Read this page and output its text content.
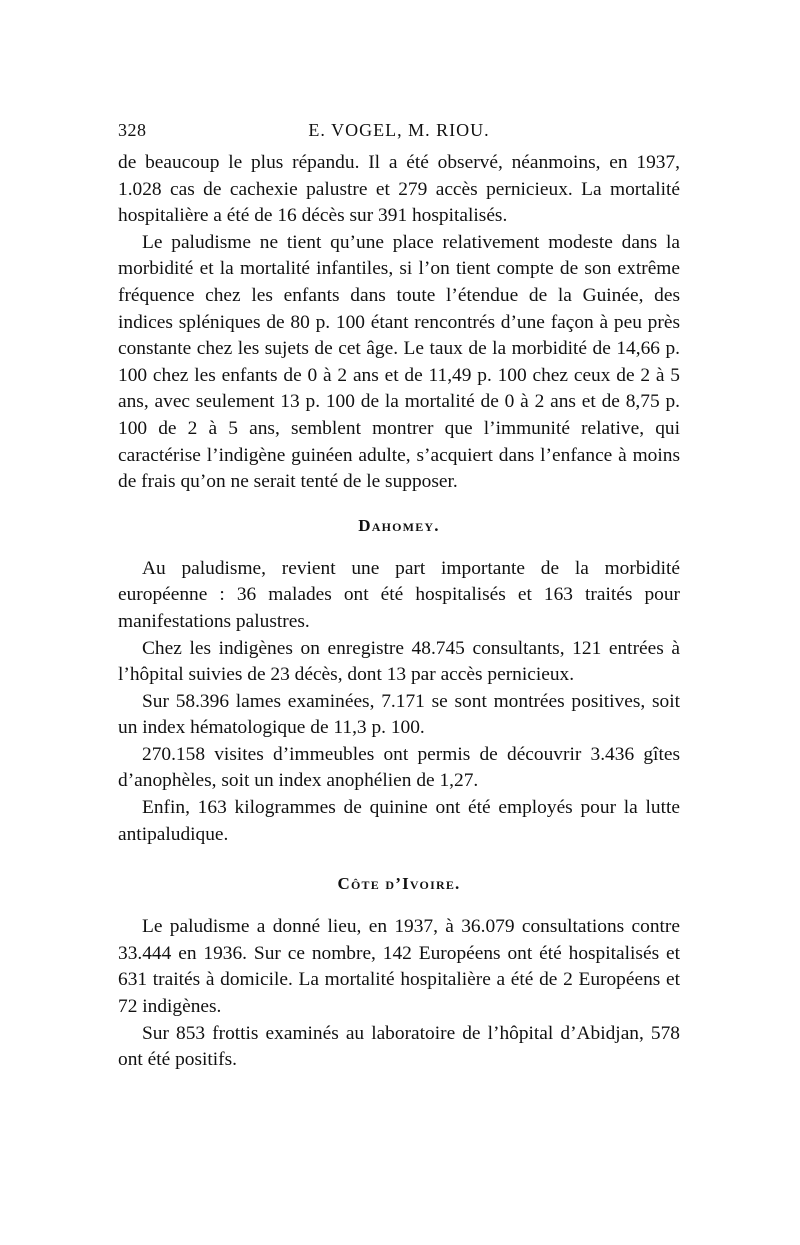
328	E. VOGEL, M. RIOU.

de beaucoup le plus répandu. Il a été observé, néanmoins, en 1937, 1.028 cas de cachexie palustre et 279 accès pernicieux. La mortalité hospitalière a été de 16 décès sur 391 hospitalisés.

Le paludisme ne tient qu’une place relativement modeste dans la morbidité et la mortalité infantiles, si l’on tient compte de son extrême fréquence chez les enfants dans toute l’étendue de la Guinée, des indices spléniques de 80 p. 100 étant rencontrés d’une façon à peu près constante chez les sujets de cet âge. Le taux de la morbidité de 14,66 p. 100 chez les enfants de 0 à 2 ans et de 11,49 p. 100 chez ceux de 2 à 5 ans, avec seulement 13 p. 100 de la mortalité de 0 à 2 ans et de 8,75 p. 100 de 2 à 5 ans, semblent montrer que l’immunité relative, qui caractérise l’indigène guinéen adulte, s’acquiert dans l’enfance à moins de frais qu’on ne serait tenté de le supposer.

Dahomey.

Au paludisme, revient une part importante de la morbidité européenne : 36 malades ont été hospitalisés et 163 traités pour manifestations palustres.

Chez les indigènes on enregistre 48.745 consultants, 121 entrées à l’hôpital suivies de 23 décès, dont 13 par accès pernicieux.

Sur 58.396 lames examinées, 7.171 se sont montrées positives, soit un index hématologique de 11,3 p. 100.

270.158 visites d’immeubles ont permis de découvrir 3.436 gîtes d’anophèles, soit un index anophélien de 1,27.

Enfin, 163 kilogrammes de quinine ont été employés pour la lutte antipaludique.

Côte d’Ivoire.

Le paludisme a donné lieu, en 1937, à 36.079 consultations contre 33.444 en 1936. Sur ce nombre, 142 Européens ont été hospitalisés et 631 traités à domicile. La mortalité hospitalière a été de 2 Européens et 72 indigènes.

Sur 853 frottis examinés au laboratoire de l’hôpital d’Abidjan, 578 ont été positifs.
